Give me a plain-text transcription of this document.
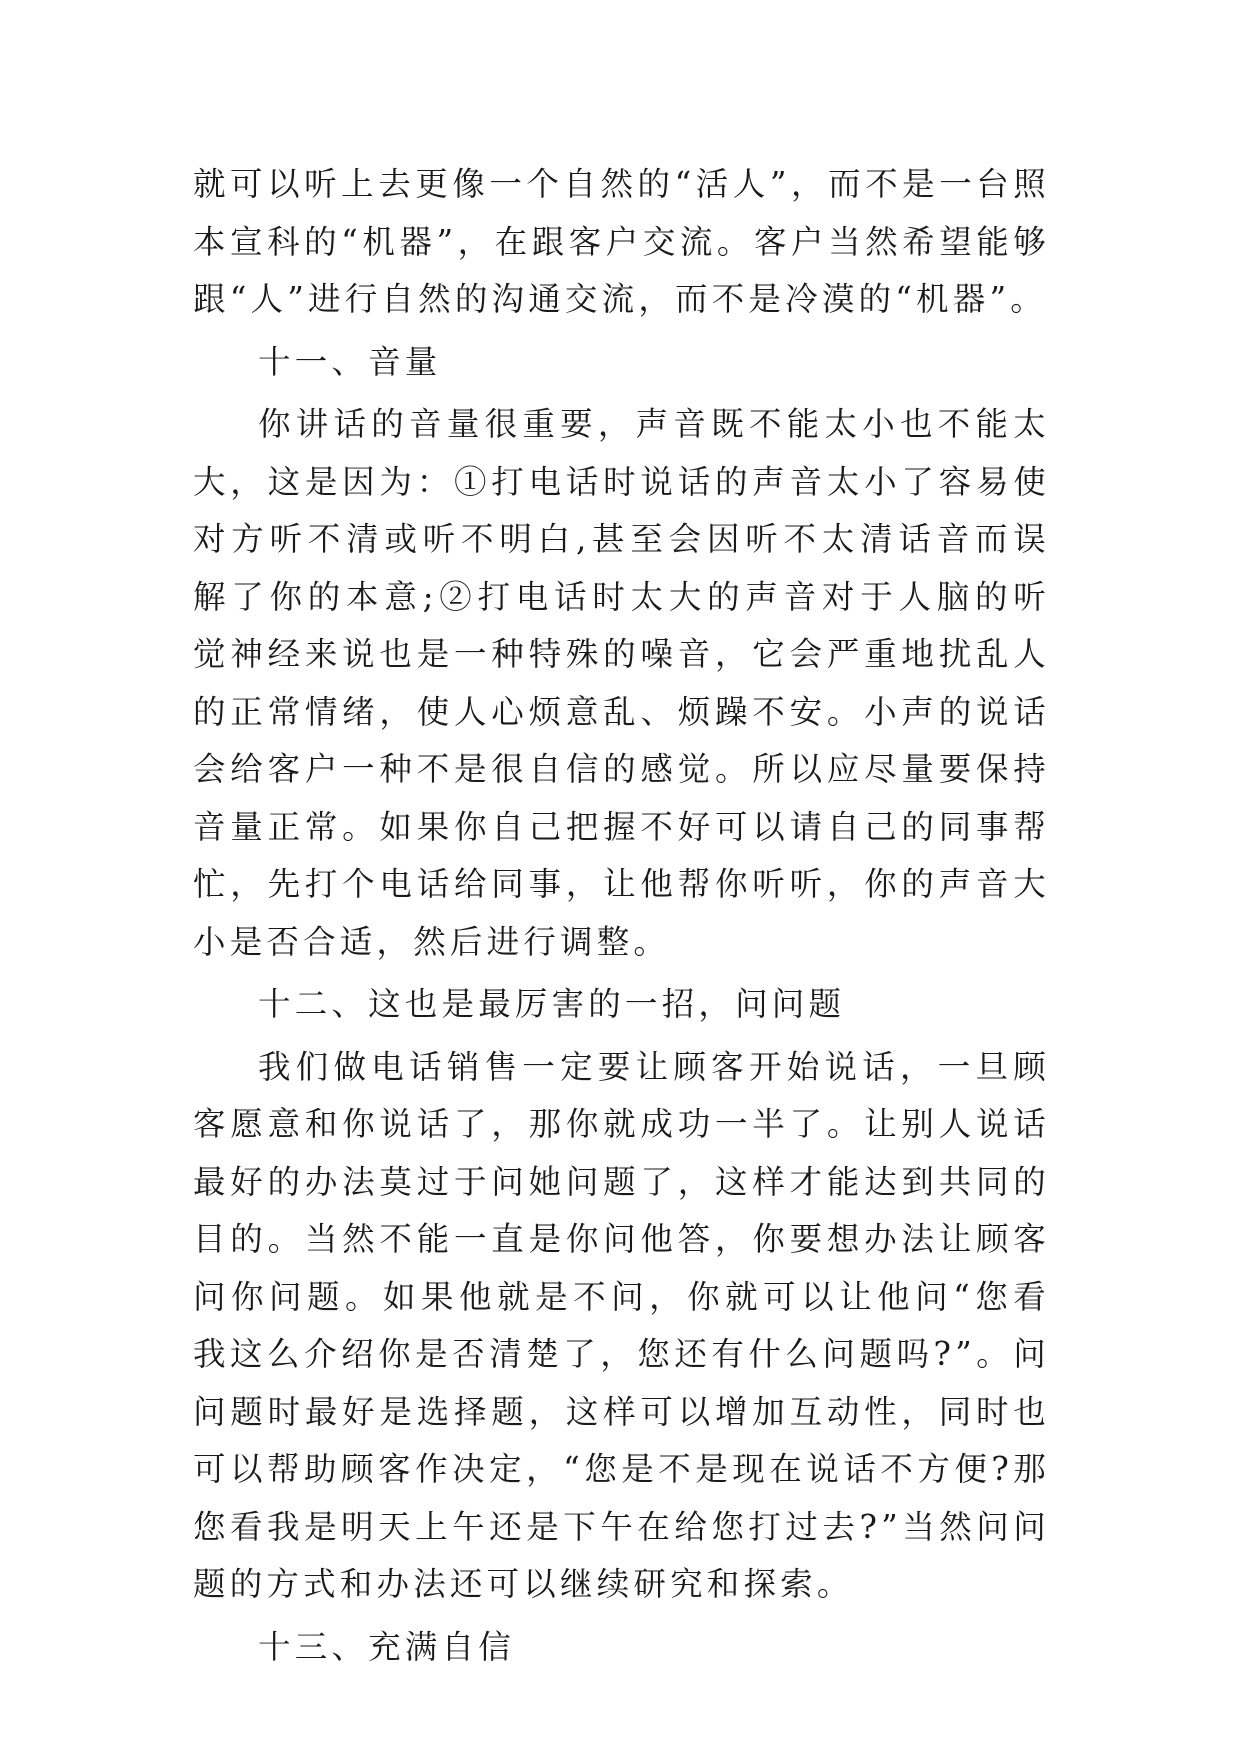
就可以听上去更像一个自然的“活人”，而不是一台照本宣科的“机器”，在跟客户交流。客户当然希望能够跟“人”进行自然的沟通交流，而不是冷漠的“机器”。

十一、音量

你讲话的音量很重要，声音既不能太小也不能太大，这是因为：①打电话时说话的声音太小了容易使对方听不清或听不明白,甚至会因听不太清话音而误解了你的本意;②打电话时太大的声音对于人脑的听觉神经来说也是一种特殊的噪音，它会严重地扰乱人的正常情绪，使人心烦意乱、烦躁不安。小声的说话会给客户一种不是很自信的感觉。所以应尽量要保持音量正常。如果你自己把握不好可以请自己的同事帮忙，先打个电话给同事，让他帮你听听，你的声音大小是否合适，然后进行调整。

十二、这也是最厉害的一招，问问题

我们做电话销售一定要让顾客开始说话，一旦顾客愿意和你说话了，那你就成功一半了。让别人说话最好的办法莫过于问她问题了，这样才能达到共同的目的。当然不能一直是你问他答，你要想办法让顾客问你问题。如果他就是不问，你就可以让他问“您看我这么介绍你是否清楚了，您还有什么问题吗?”。问问题时最好是选择题，这样可以增加互动性，同时也可以帮助顾客作决定，“您是不是现在说话不方便?那您看我是明天上午还是下午在给您打过去?”当然问问题的方式和办法还可以继续研究和探索。

十三、充满自信
